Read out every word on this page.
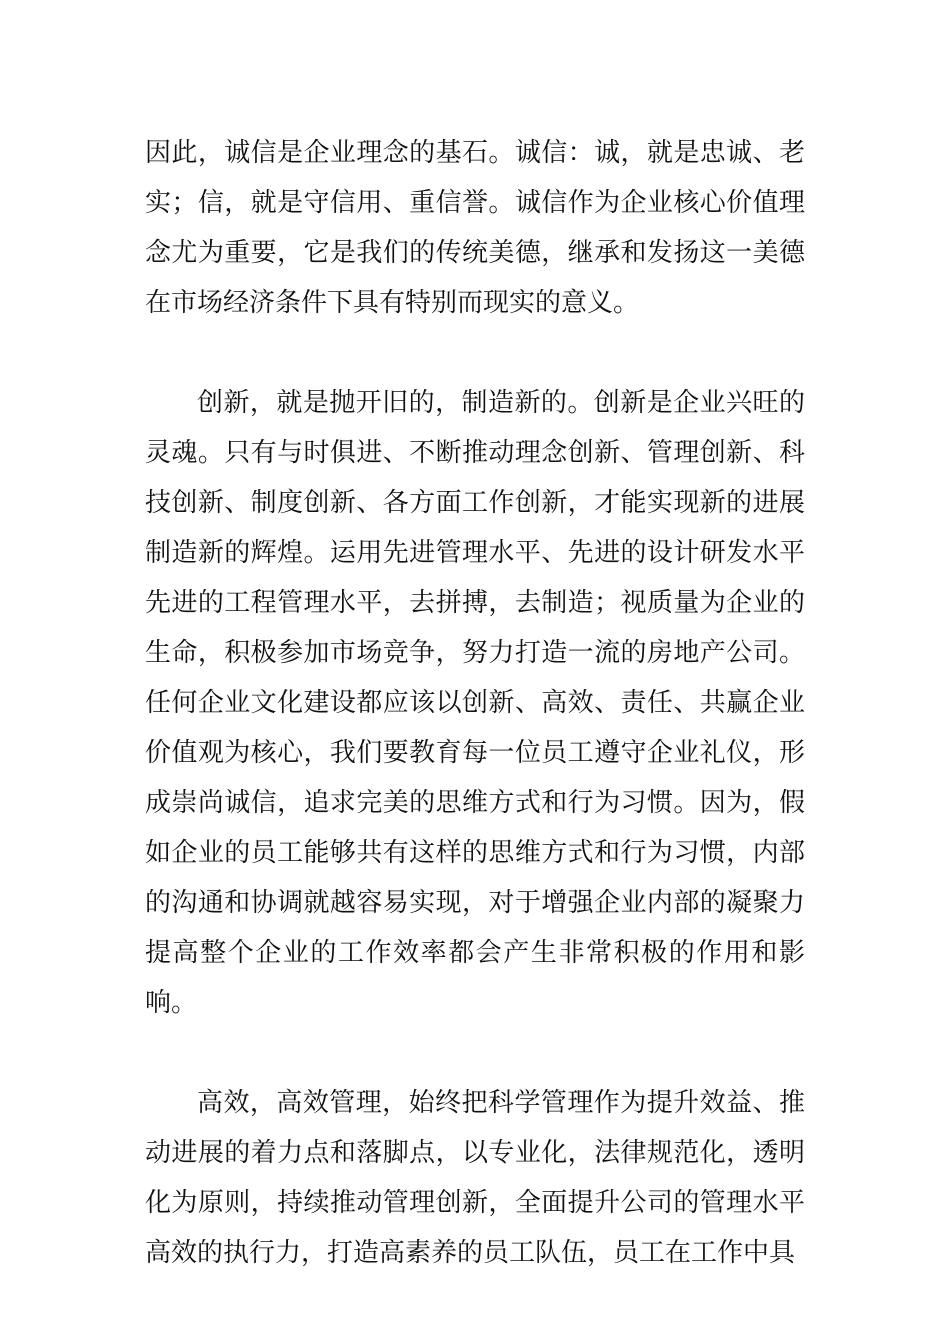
因此，诚信是企业理念的基石。诚信：诚，就是忠诚、老实；信，就是守信用、重信誉。诚信作为企业核心价值理念尤为重要，它是我们的传统美德，继承和发扬这一美德在市场经济条件下具有特别而现实的意义。

创新，就是抛开旧的，制造新的。创新是企业兴旺的灵魂。只有与时俱进、不断推动理念创新、管理创新、科技创新、制度创新、各方面工作创新，才能实现新的进展制造新的辉煌。运用先进管理水平、先进的设计研发水平先进的工程管理水平，去拼搏，去制造；视质量为企业的生命，积极参加市场竞争，努力打造一流的房地产公司。任何企业文化建设都应该以创新、高效、责任、共赢企业价值观为核心，我们要教育每一位员工遵守企业礼仪，形成崇尚诚信，追求完美的思维方式和行为习惯。因为，假如企业的员工能够共有这样的思维方式和行为习惯，内部的沟通和协调就越容易实现，对于增强企业内部的凝聚力提高整个企业的工作效率都会产生非常积极的作用和影响。

高效，高效管理，始终把科学管理作为提升效益、推动进展的着力点和落脚点，以专业化，法律规范化，透明化为原则，持续推动管理创新，全面提升公司的管理水平高效的执行力，打造高素养的员工队伍，员工在工作中具
